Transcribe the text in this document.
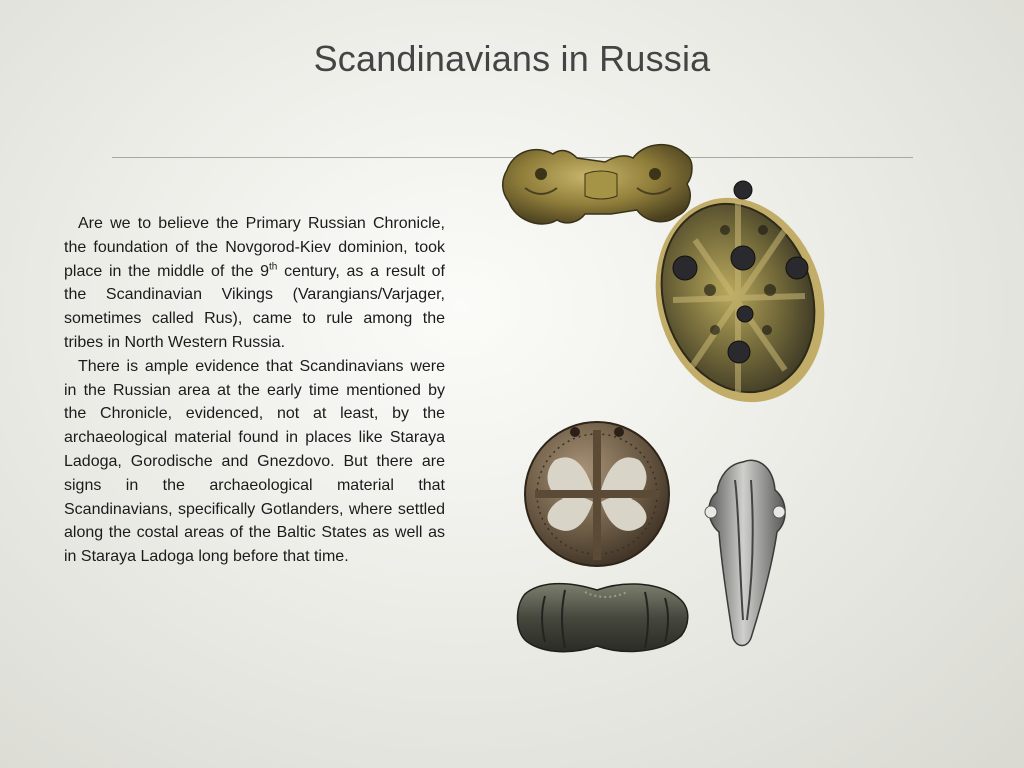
Scandinavians in Russia

Are we to believe the Primary Russian Chronicle, the foundation of the Novgorod-Kiev dominion, took place in the middle of the 9th century, as a result of the Scandinavian Vikings (Varangians/Varjager, sometimes called Rus), came to rule among the tribes in North Western Russia.

There is ample evidence that Scandinavians were in the Russian area at the early time mentioned by the Chronicle, evidenced, not at least, by the archaeological material found in places like Staraya Ladoga, Gorodische and Gnezdovo. But there are signs in the archaeological material that Scandinavians, specifically Gotlanders, where settled along the costal areas of the Baltic States as well as in Staraya Ladoga long before that time.
